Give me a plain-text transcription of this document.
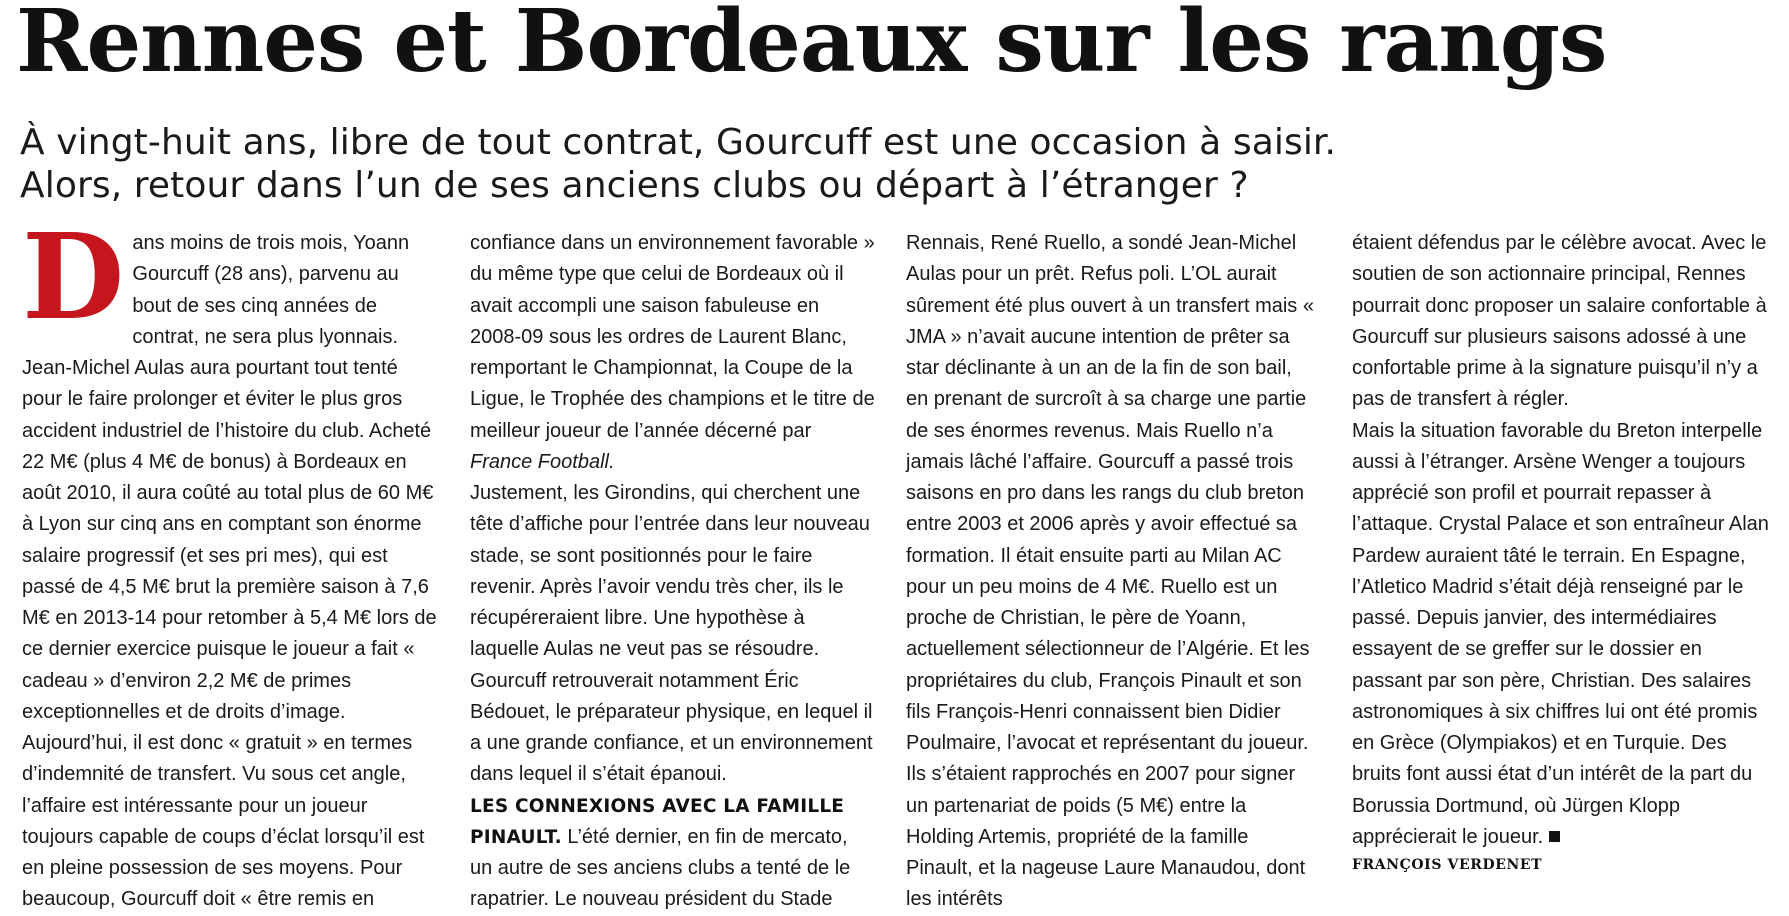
Rennes et Bordeaux sur les rangs
À vingt-huit ans, libre de tout contrat, Gourcuff est une occasion à saisir.
Alors, retour dans l’un de ses anciens clubs ou départ à l’étranger ?
D ans moins de trois mois, Yoann Gourcuff (28 ans), parvenu au bout de ses cinq années de contrat, ne sera plus lyonnais. Jean-Michel Aulas aura pourtant tout tenté pour le faire prolonger et éviter le plus gros accident industriel de l’histoire du club. Acheté 22 M€ (plus 4 M€ de bonus) à Bordeaux en août 2010, il aura coûté au total plus de 60 M€ à Lyon sur cinq ans en comptant son énorme salaire progressif (et ses pri mes), qui est passé de 4,5 M€ brut la première saison à 7,6 M€ en 2013-14 pour retomber à 5,4 M€ lors de ce dernier exercice puisque le joueur a fait « cadeau » d’environ 2,2 M€ de primes exceptionnelles et de droits d’image. Aujourd’hui, il est donc « gratuit » en termes d’indemnité de transfert. Vu sous cet angle, l’affaire est intéressante pour un joueur toujours capable de coups d’éclat lorsqu’il est en pleine possession de ses moyens. Pour beaucoup, Gourcuff doit « être remis en

confiance dans un environnement favorable » du même type que celui de Bordeaux où il avait accompli une saison fabuleuse en 2008-09 sous les ordres de Laurent Blanc, remportant le Championnat, la Coupe de la Ligue, le Trophée des champions et le titre de meilleur joueur de l’année décerné par France Football.

Justement, les Girondins, qui cherchent une tête d’affiche pour l’entrée dans leur nouveau stade, se sont positionnés pour le faire revenir. Après l’avoir vendu très cher, ils le récupéreraient libre. Une hypothèse à laquelle Aulas ne veut pas se résoudre. Gourcuff retrouverait notamment Éric Bédouet, le préparateur physique, en lequel il a une grande confiance, et un environnement dans lequel il s’était épanoui.

LES CONNEXIONS AVEC LA FAMILLE PINAULT. L’été dernier, en fin de mercato, un autre de ses anciens clubs a tenté de le rapatrier. Le nouveau président du Stade

Rennais, René Ruello, a sondé Jean-Michel Aulas pour un prêt. Refus poli. L’OL aurait sûrement été plus ouvert à un transfert mais « JMA » n’avait aucune intention de prêter sa star déclinante à un an de la fin de son bail, en prenant de surcroît à sa charge une partie de ses énormes revenus. Mais Ruello n’a jamais lâché l’affaire. Gourcuff a passé trois saisons en pro dans les rangs du club breton entre 2003 et 2006 après y avoir effectué sa formation. Il était ensuite parti au Milan AC pour un peu moins de 4 M€. Ruello est un proche de Christian, le père de Yoann, actuellement sélectionneur de l’Algérie. Et les propriétaires du club, François Pinault et son fils François-Henri connaissent bien Didier Poulmaire, l’avocat et représentant du joueur. Ils s’étaient rapprochés en 2007 pour signer un partenariat de poids (5 M€) entre la Holding Artemis, propriété de la famille Pinault, et la nageuse Laure Manaudou, dont les intérêts

étaient défendus par le célèbre avocat. Avec le soutien de son actionnaire principal, Rennes pourrait donc proposer un salaire confortable à Gourcuff sur plusieurs saisons adossé à une confortable prime à la signature puisqu’il n’y a pas de transfert à régler.

Mais la situation favorable du Breton interpelle aussi à l’étranger. Arsène Wenger a toujours apprécié son profil et pourrait repasser à l’attaque. Crystal Palace et son entraîneur Alan Pardew auraient tâté le terrain. En Espagne, l’Atletico Madrid s’était déjà renseigné par le passé. Depuis janvier, des intermédiaires essayent de se greffer sur le dossier en passant par son père, Christian. Des salaires astronomiques à six chiffres lui ont été promis en Grèce (Olympiakos) et en Turquie. Des bruits font aussi état d’un intérêt de la part du Borussia Dortmund, où Jürgen Klopp apprécierait le joueur.

FRANÇOIS VERDENET
